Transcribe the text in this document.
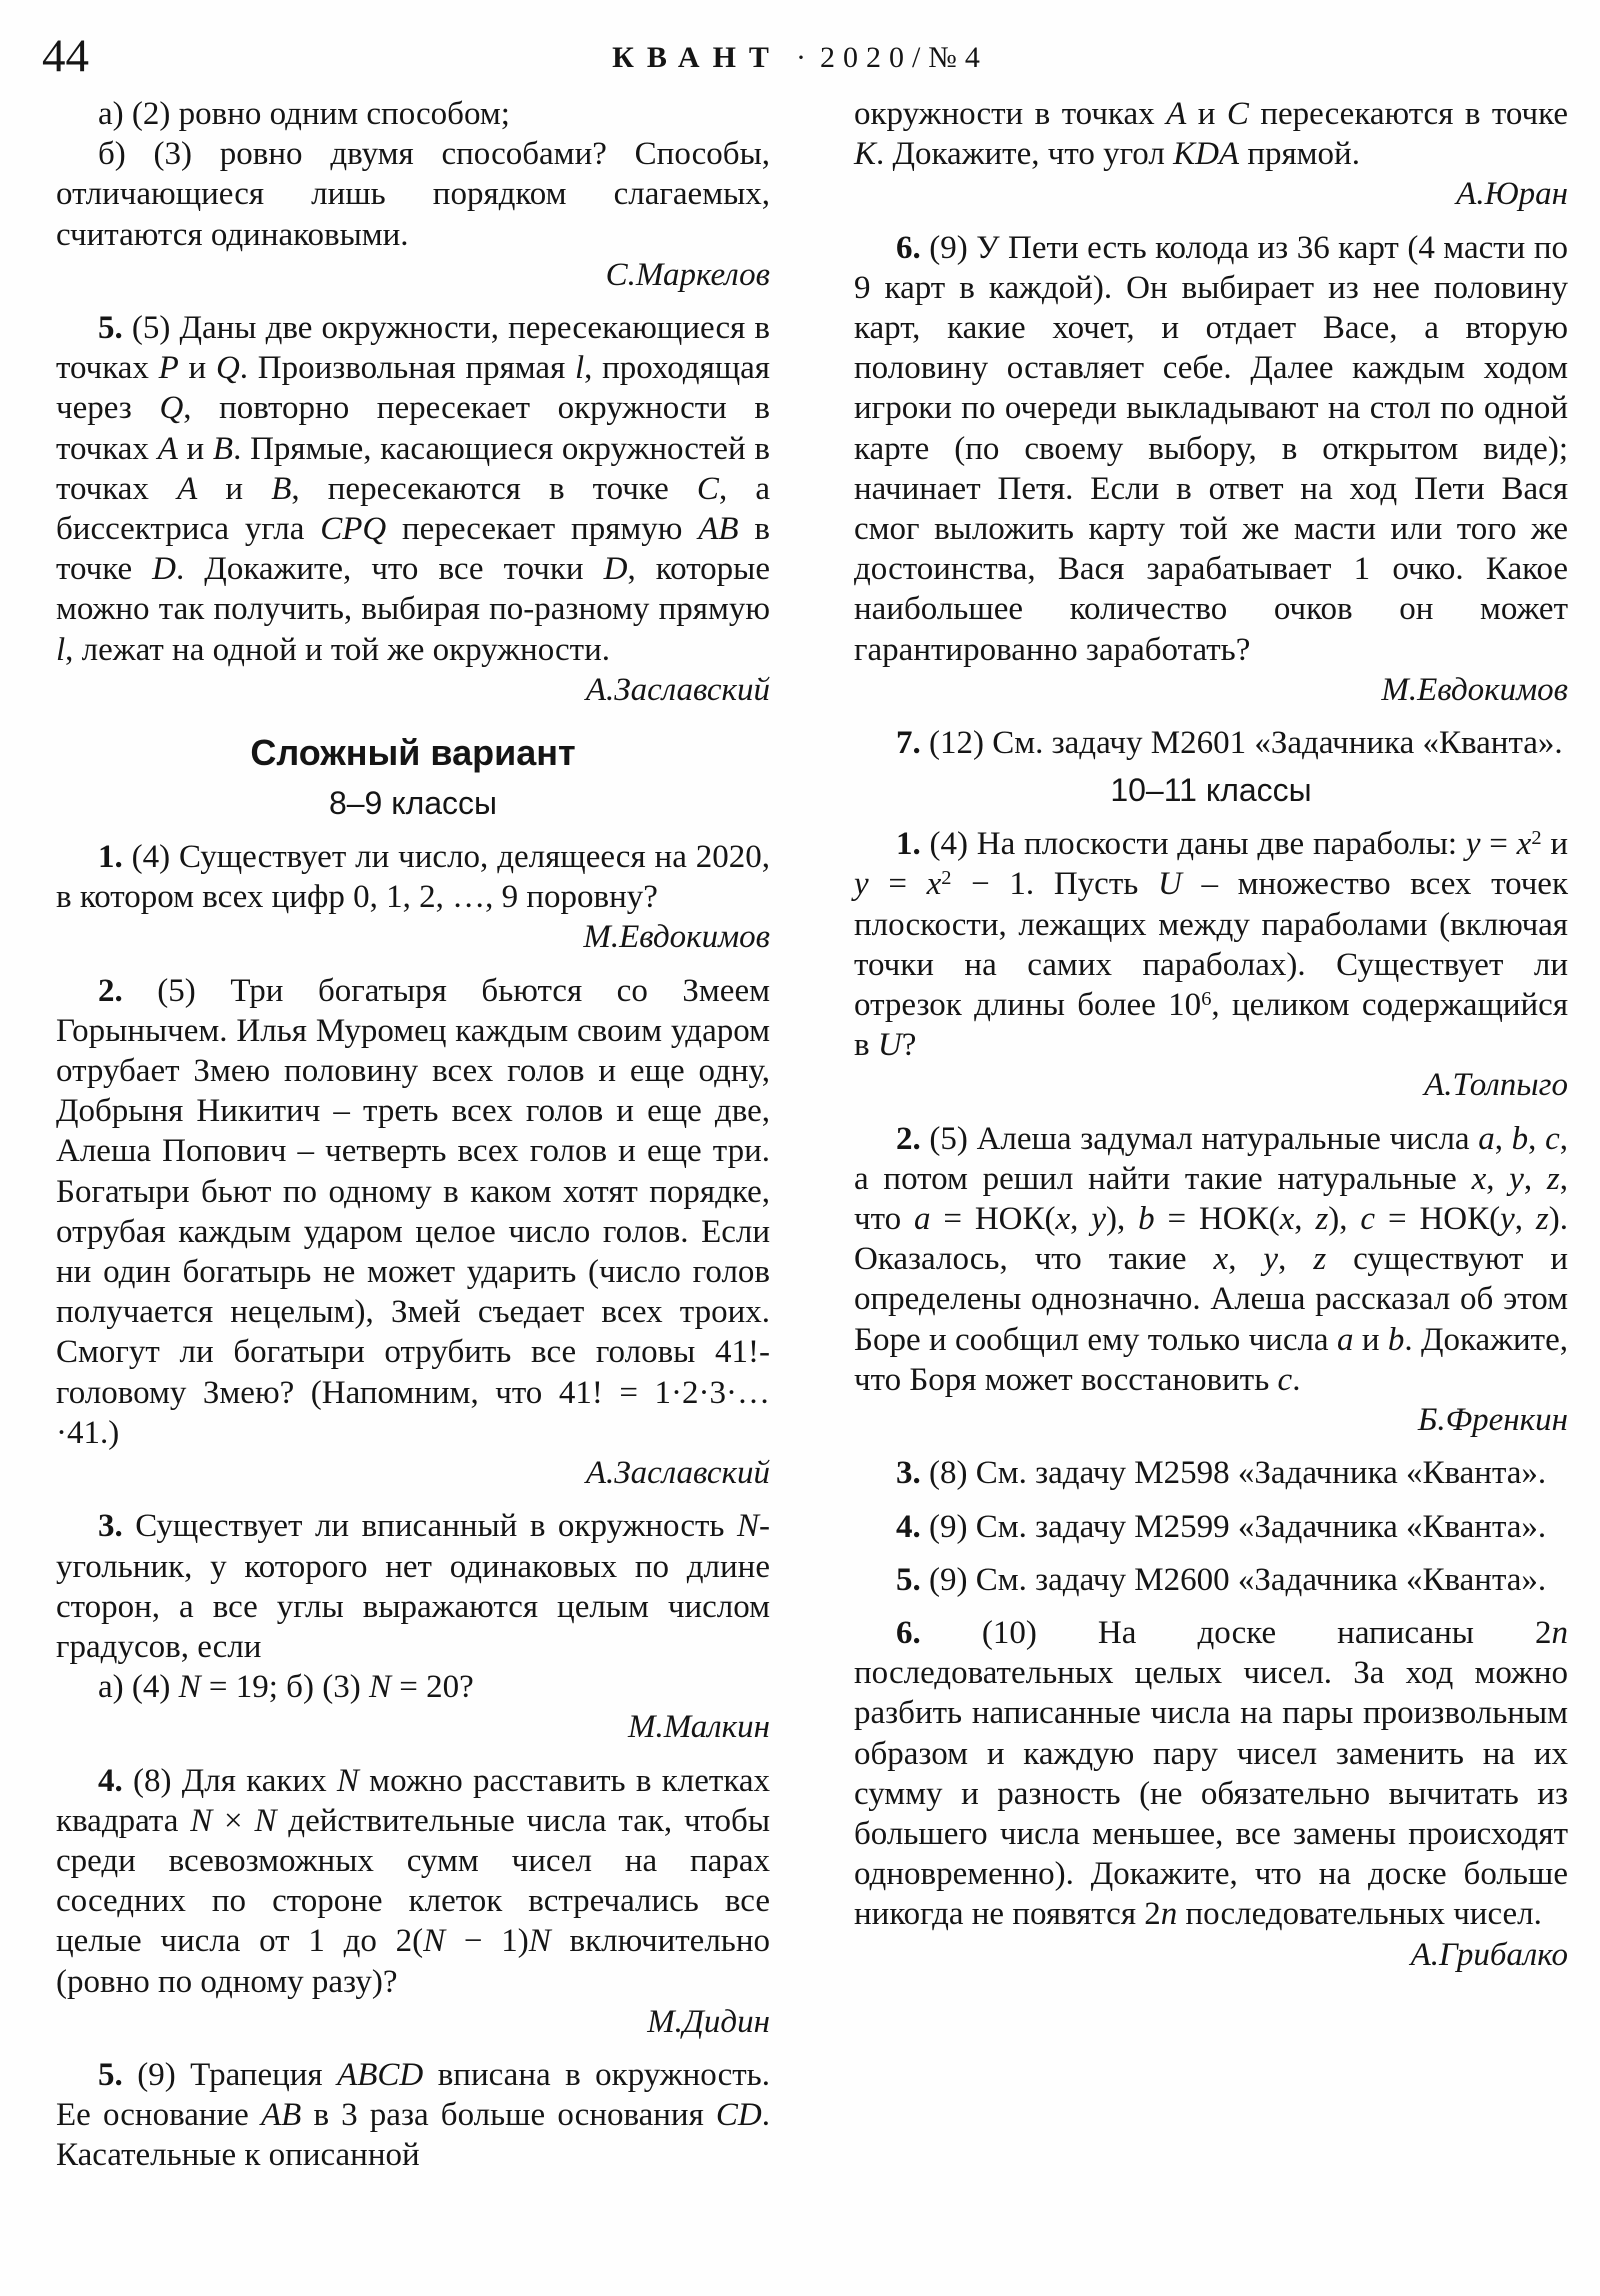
44	КВАНТ · 2020/№4

а) (2) ровно одним способом;

б) (3) ровно двумя способами? Способы, отличающиеся лишь порядком слагаемых, считаются одинаковыми.

С.Маркелов

5. (5) Даны две окружности, пересекающиеся в точках P и Q. Произвольная прямая l, проходящая через Q, повторно пересекает окружности в точках A и B. Прямые, касающиеся окружностей в точках A и B, пересекаются в точке C, а биссектриса угла CPQ пересекает прямую AB в точке D. Докажите, что все точки D, которые можно так получить, выбирая по-разному прямую l, лежат на одной и той же окружности.

А.Заславский

Сложный вариант

8–9 классы

1. (4) Существует ли число, делящееся на 2020, в котором всех цифр 0, 1, 2, …, 9 поровну?

М.Евдокимов

2. (5) Три богатыря бьются со Змеем Горынычем. Илья Муромец каждым своим ударом отрубает Змею половину всех голов и еще одну, Добрыня Никитич – треть всех голов и еще две, Алеша Попович – четверть всех голов и еще три. Богатыри бьют по одному в каком хотят порядке, отрубая каждым ударом целое число голов. Если ни один богатырь не может ударить (число голов получается нецелым), Змей съедает всех троих. Смогут ли богатыри отрубить все головы 41!-головому Змею? (Напомним, что 41! = 1·2·3·…·41.)

А.Заславский

3. Существует ли вписанный в окружность N-угольник, у которого нет одинаковых по длине сторон, а все углы выражаются целым числом градусов, если

а) (4) N = 19; б) (3) N = 20?

М.Малкин

4. (8) Для каких N можно расставить в клетках квадрата N × N действительные числа так, чтобы среди всевозможных сумм чисел на парах соседних по стороне клеток встречались все целые числа от 1 до 2(N − 1)N включительно (ровно по одному разу)?

М.Дидин

5. (9) Трапеция ABCD вписана в окружность. Ее основание AB в 3 раза больше основания CD. Касательные к описанной

окружности в точках A и C пересекаются в точке K. Докажите, что угол KDA прямой.

А.Юран

6. (9) У Пети есть колода из 36 карт (4 масти по 9 карт в каждой). Он выбирает из нее половину карт, какие хочет, и отдает Васе, а вторую половину оставляет себе. Далее каждым ходом игроки по очереди выкладывают на стол по одной карте (по своему выбору, в открытом виде); начинает Петя. Если в ответ на ход Пети Вася смог выложить карту той же масти или того же достоинства, Вася зарабатывает 1 очко. Какое наибольшее количество очков он может гарантированно заработать?

М.Евдокимов

7. (12) См. задачу М2601 «Задачника «Кванта».

10–11 классы

1. (4) На плоскости даны две параболы: $y = x^2$ и $y = x^2 - 1$. Пусть U – множество всех точек плоскости, лежащих между параболами (включая точки на самих параболах). Существует ли отрезок длины более $10^6$, целиком содержащийся в U?

А.Толпыго

2. (5) Алеша задумал натуральные числа a, b, c, а потом решил найти такие натуральные x, y, z, что a = НОК(x, y), b = НОК(x, z), c = НОК(y, z). Оказалось, что такие x, y, z существуют и определены однозначно. Алеша рассказал об этом Боре и сообщил ему только числа a и b. Докажите, что Боря может восстановить c.

Б.Френкин

3. (8) См. задачу М2598 «Задачника «Кванта».

4. (9) См. задачу М2599 «Задачника «Кванта».

5. (9) См. задачу М2600 «Задачника «Кванта».

6. (10) На доске написаны 2n последовательных целых чисел. За ход можно разбить написанные числа на пары произвольным образом и каждую пару чисел заменить на их сумму и разность (не обязательно вычитать из большего числа меньшее, все замены происходят одновременно). Докажите, что на доске больше никогда не появятся 2n последовательных чисел.

А.Грибалко
